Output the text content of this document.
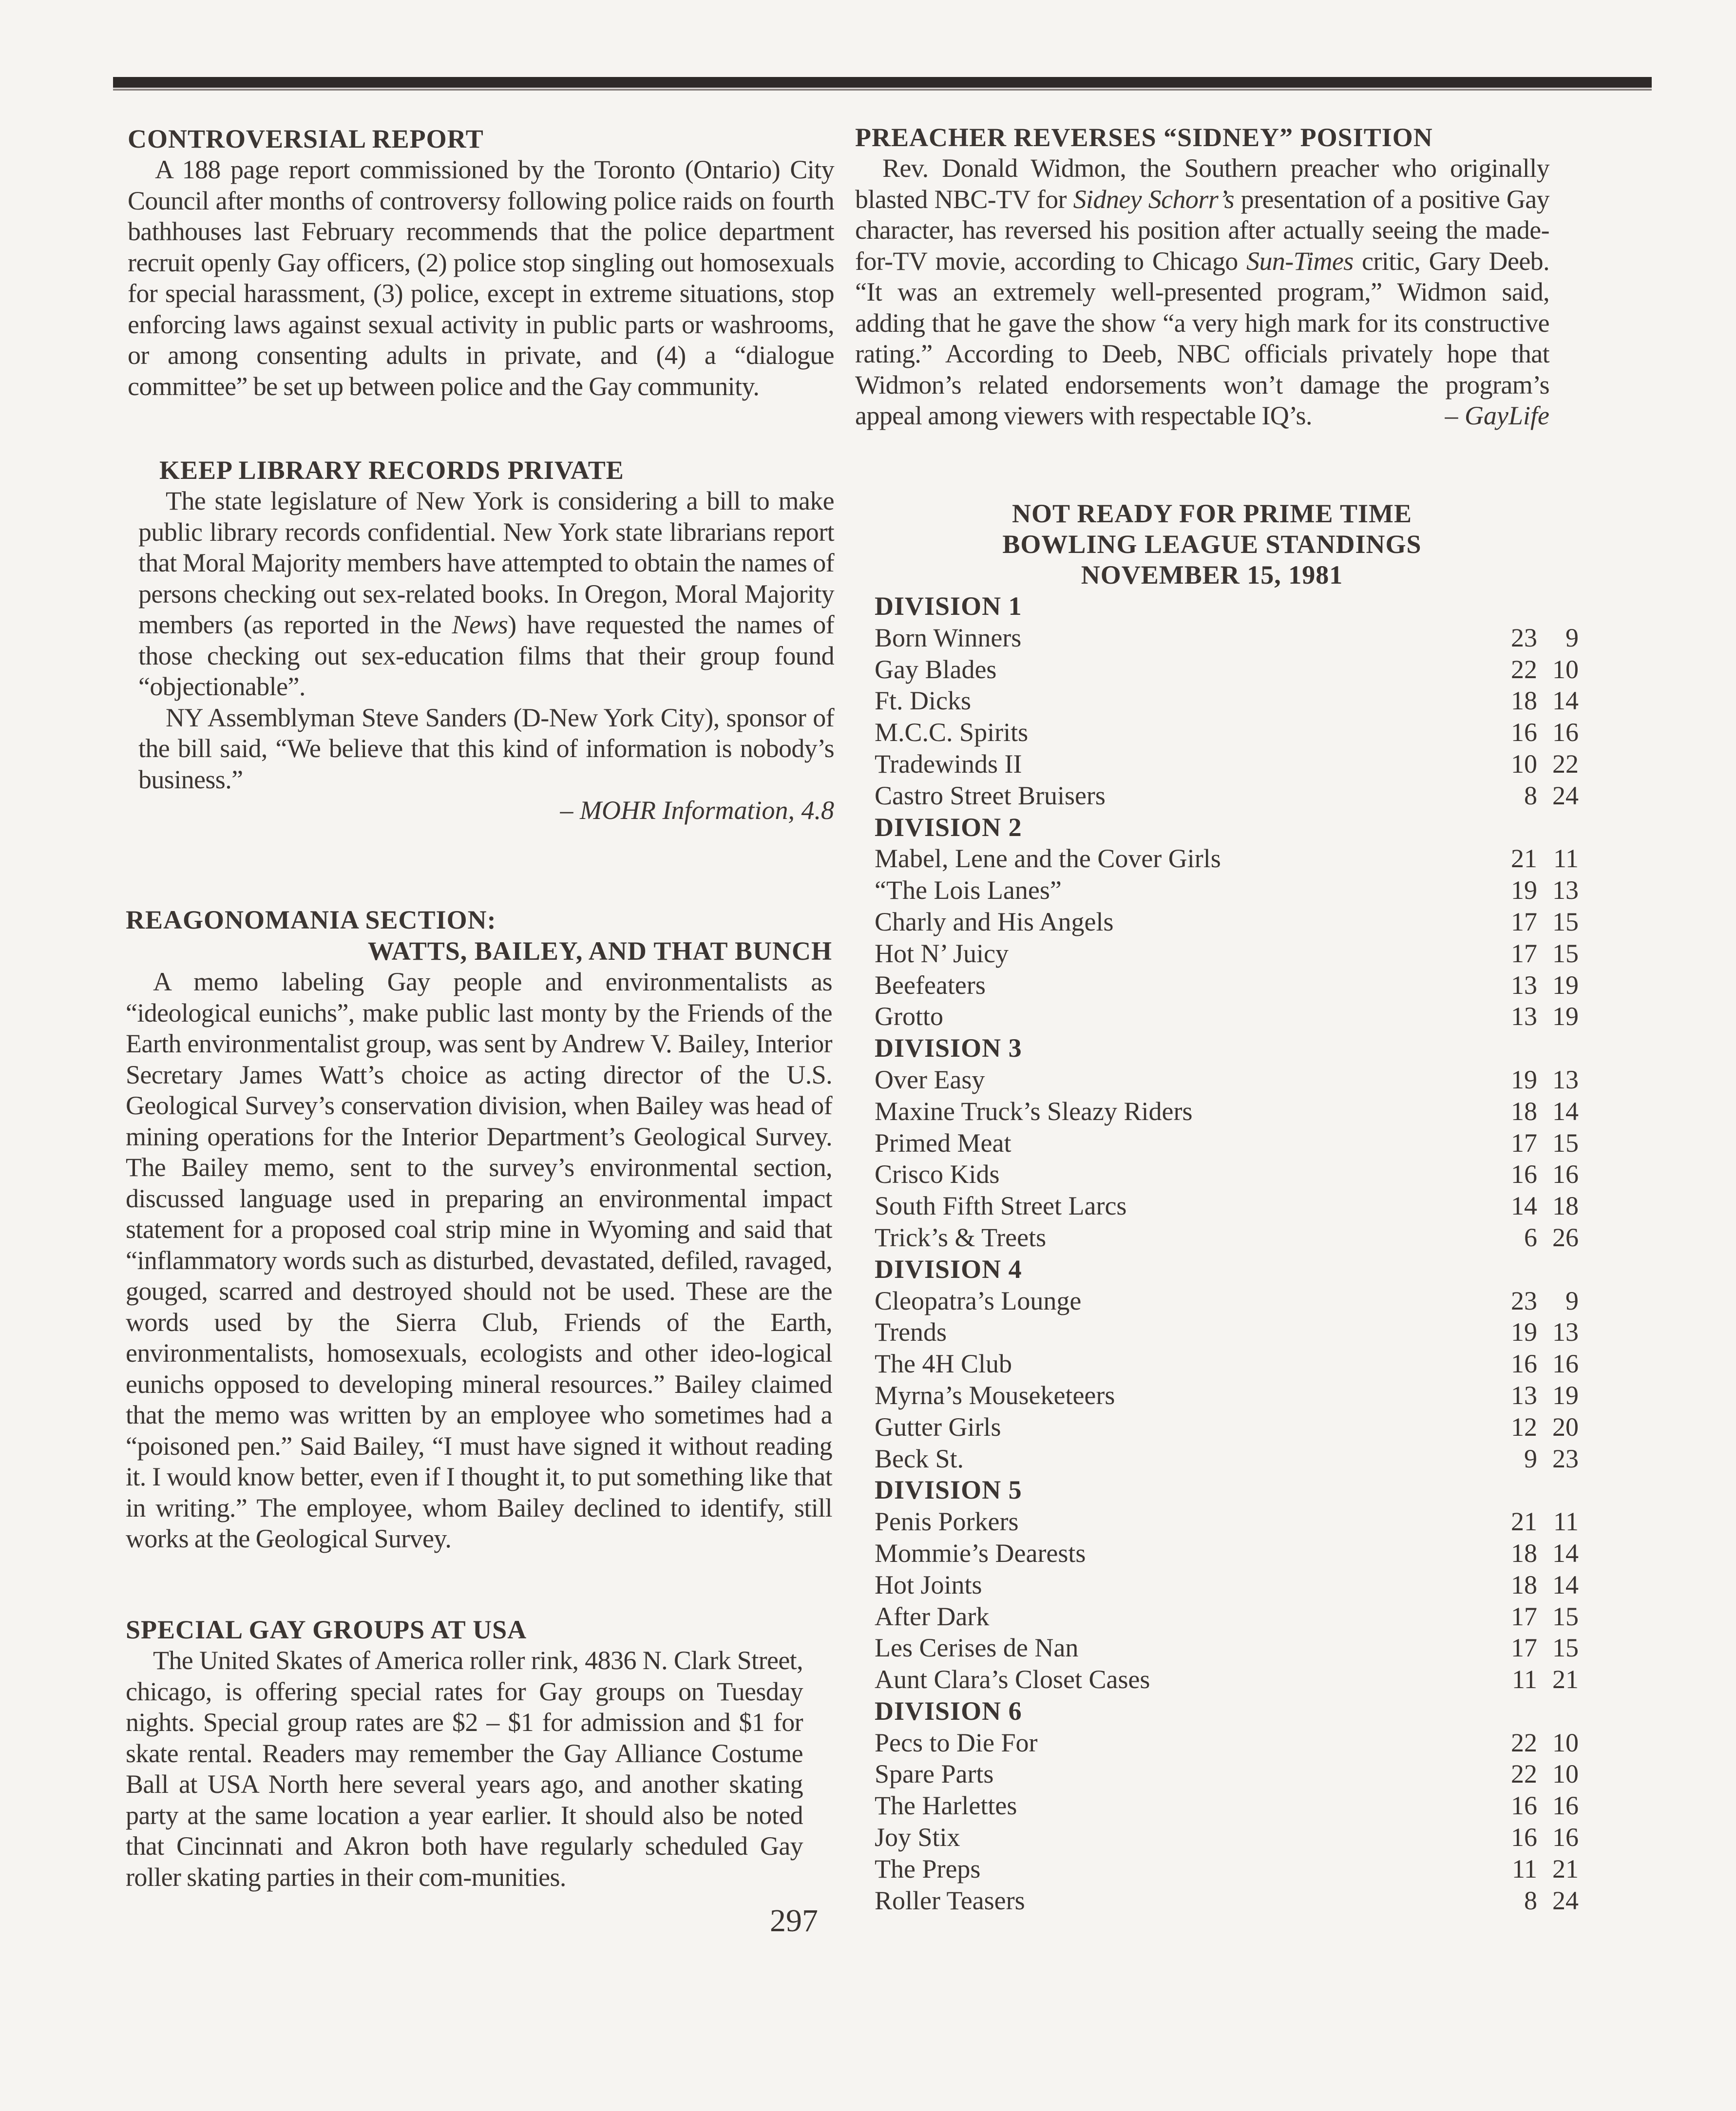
CONTROVERSIAL REPORT

A 188 page report commissioned by the Toronto (Ontario) City Council after months of controversy following police raids on fourth bathhouses last February recommends that the police department recruit openly Gay officers, (2) police stop singling out homosexuals for special harassment, (3) police, except in extreme situations, stop enforcing laws against sexual activity in public parts or washrooms, or among consenting adults in private, and (4) a “dialogue committee” be set up between police and the Gay community.

KEEP LIBRARY RECORDS PRIVATE

The state legislature of New York is considering a bill to make public library records confidential. New York state librarians report that Moral Majority members have attempted to obtain the names of persons checking out sex-related books. In Oregon, Moral Majority members (as reported in the News) have requested the names of those checking out sex-education films that their group found “objectionable”.

NY Assemblyman Steve Sanders (D-New York City), sponsor of the bill said, “We believe that this kind of information is nobody’s business.”

– MOHR Information, 4.8

REAGONOMANIA SECTION:
WATTS, BAILEY, AND THAT BUNCH

A memo labeling Gay people and environmentalists as “ideological eunichs”, make public last monty by the Friends of the Earth environmentalist group, was sent by Andrew V. Bailey, Interior Secretary James Watt’s choice as acting director of the U.S. Geological Survey’s conservation division, when Bailey was head of mining operations for the Interior Department’s Geological Survey. The Bailey memo, sent to the survey’s environmental section, discussed language used in preparing an environmental impact statement for a proposed coal strip mine in Wyoming and said that “inflammatory words such as disturbed, devastated, defiled, ravaged, gouged, scarred and destroyed should not be used. These are the words used by the Sierra Club, Friends of the Earth, environmentalists, homosexuals, ecologists and other ideo-logical eunichs opposed to developing mineral resources.” Bailey claimed that the memo was written by an employee who sometimes had a “poisoned pen.” Said Bailey, “I must have signed it without reading it. I would know better, even if I thought it, to put something like that in writing.” The employee, whom Bailey declined to identify, still works at the Geological Survey.

SPECIAL GAY GROUPS AT USA

The United Skates of America roller rink, 4836 N. Clark Street, chicago, is offering special rates for Gay groups on Tuesday nights. Special group rates are $2 – $1 for admission and $1 for skate rental. Readers may remember the Gay Alliance Costume Ball at USA North here several years ago, and another skating party at the same location a year earlier. It should also be noted that Cincinnati and Akron both have regularly scheduled Gay roller skating parties in their com-munities.

297
PREACHER REVERSES “SIDNEY” POSITION

Rev. Donald Widmon, the Southern preacher who originally blasted NBC-TV for Sidney Schorr’s presentation of a positive Gay character, has reversed his position after actually seeing the made-for-TV movie, according to Chicago Sun-Times critic, Gary Deeb. “It was an extremely well-presented program,” Widmon said, adding that he gave the show “a very high mark for its constructive rating.” According to Deeb, NBC officials privately hope that Widmon’s related endorsements won’t damage the program’s appeal among viewers with respectable IQ’s.	– GayLife

NOT READY FOR PRIME TIME
BOWLING LEAGUE STANDINGS
NOVEMBER 15, 1981
DIVISION 1
Born Winners	23	9
Gay Blades	22 10
Ft. Dicks	18 14
M.C.C. Spirits	16 16
Tradewinds II	10 22
Castro Street Bruisers	8 24
DIVISION 2
Mabel, Lene and the Cover Girls	21 11
“The Lois Lanes”	19 13
Charly and His Angels	17 15
Hot N’ Juicy	17 15
Beefeaters	13 19
Grotto	13 19
DIVISION 3
Over Easy	19 13
Maxine Truck’s Sleazy Riders	18 14
Primed Meat	17 15
Crisco Kids	16 16
South Fifth Street Larcs	14 18
Trick’s & Treets	6 26
DIVISION 4
Cleopatra’s Lounge	23	9
Trends	19 13
The 4H Club	16 16
Myrna’s Mouseketeers	13 19
Gutter Girls	12 20
Beck St.	9 23
DIVISION 5
Penis Porkers	21 11
Mommie’s Dearests	18 14
Hot Joints	18 14
After Dark	17 15
Les Cerises de Nan	17 15
Aunt Clara’s Closet Cases	11 21
DIVISION 6
Pecs to Die For	22 10
Spare Parts	22 10
The Harlettes	16 16
Joy Stix	16 16
The Preps	11 21
Roller Teasers	8 24
